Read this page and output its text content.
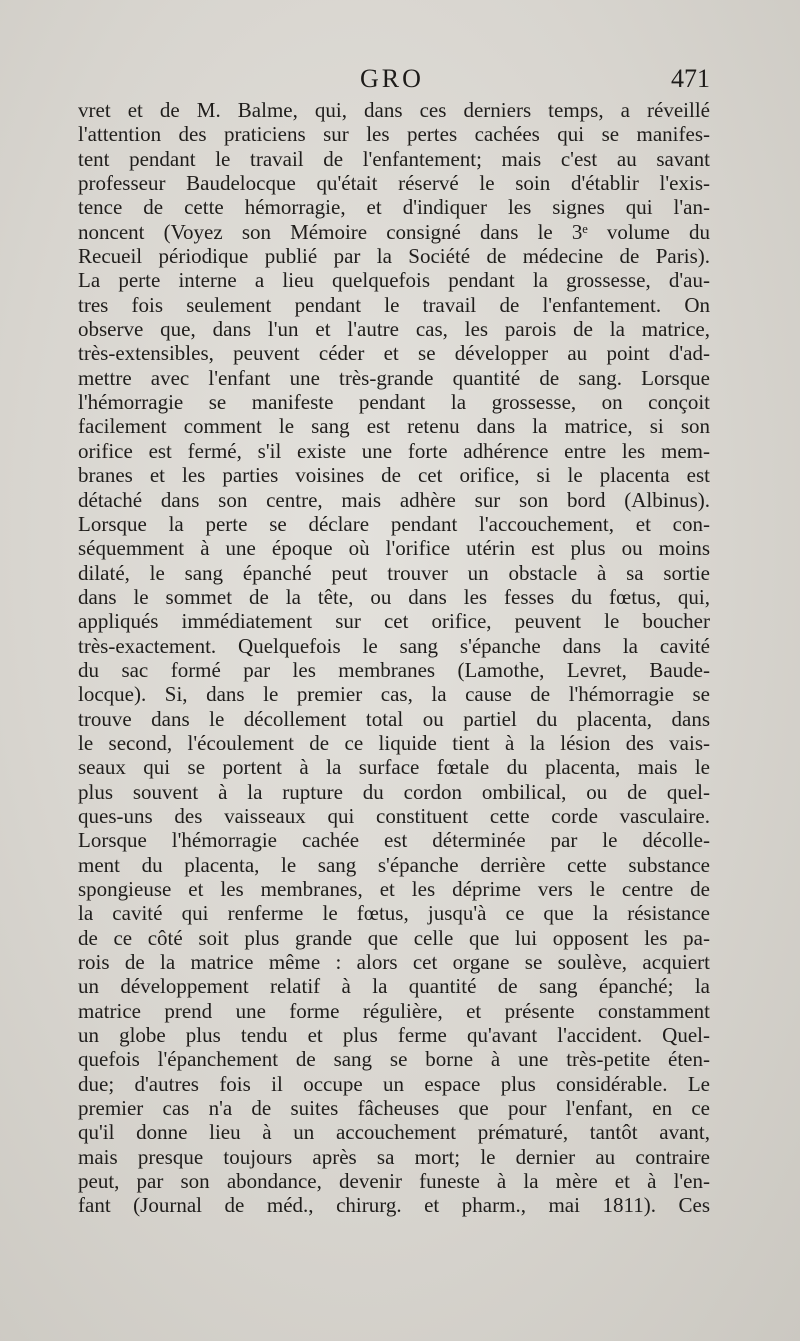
GRO	471
vret et de M. Balme, qui, dans ces derniers temps, a réveillé
l'attention des praticiens sur les pertes cachées qui se manifes-
tent pendant le travail de l'enfantement; mais c'est au savant
professeur Baudelocque qu'était réservé le soin d'établir l'exis-
tence de cette hémorragie, et d'indiquer les signes qui l'an-
noncent (Voyez son Mémoire consigné dans le 3ᵉ volume du
Recueil périodique publié par la Société de médecine de Paris).
La perte interne a lieu quelquefois pendant la grossesse, d'au-
tres fois seulement pendant le travail de l'enfantement. On
observe que, dans l'un et l'autre cas, les parois de la matrice,
très-extensibles, peuvent céder et se développer au point d'ad-
mettre avec l'enfant une très-grande quantité de sang. Lorsque
l'hémorragie se manifeste pendant la grossesse, on conçoit
facilement comment le sang est retenu dans la matrice, si son
orifice est fermé, s'il existe une forte adhérence entre les mem-
branes et les parties voisines de cet orifice, si le placenta est
détaché dans son centre, mais adhère sur son bord (Albinus).
Lorsque la perte se déclare pendant l'accouchement, et con-
séquemment à une époque où l'orifice utérin est plus ou moins
dilaté, le sang épanché peut trouver un obstacle à sa sortie
dans le sommet de la tête, ou dans les fesses du fœtus, qui,
appliqués immédiatement sur cet orifice, peuvent le boucher
très-exactement. Quelquefois le sang s'épanche dans la cavité
du sac formé par les membranes (Lamothe, Levret, Baude-
locque). Si, dans le premier cas, la cause de l'hémorragie se
trouve dans le décollement total ou partiel du placenta, dans
le second, l'écoulement de ce liquide tient à la lésion des vais-
seaux qui se portent à la surface fœtale du placenta, mais le
plus souvent à la rupture du cordon ombilical, ou de quel-
ques-uns des vaisseaux qui constituent cette corde vasculaire.
Lorsque l'hémorragie cachée est déterminée par le décolle-
ment du placenta, le sang s'épanche derrière cette substance
spongieuse et les membranes, et les déprime vers le centre de
la cavité qui renferme le fœtus, jusqu'à ce que la résistance
de ce côté soit plus grande que celle que lui opposent les pa-
rois de la matrice même : alors cet organe se soulève, acquiert
un développement relatif à la quantité de sang épanché; la
matrice prend une forme régulière, et présente constamment
un globe plus tendu et plus ferme qu'avant l'accident. Quel-
quefois l'épanchement de sang se borne à une très-petite éten-
due; d'autres fois il occupe un espace plus considérable. Le
premier cas n'a de suites fâcheuses que pour l'enfant, en ce
qu'il donne lieu à un accouchement prématuré, tantôt avant,
mais presque toujours après sa mort; le dernier au contraire
peut, par son abondance, devenir funeste à la mère et à l'en-
fant (Journal de méd., chirurg. et pharm., mai 1811). Ces
